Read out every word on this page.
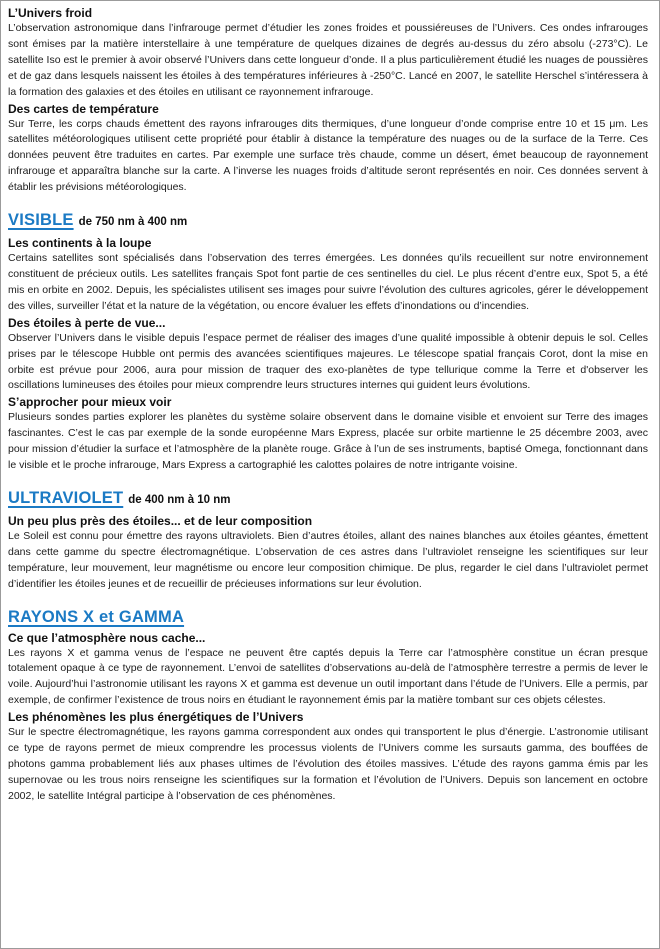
L’Univers froid

L’observation astronomique dans l’infrarouge permet d’étudier les zones froides et poussiéreuses de l’Univers. Ces ondes infrarouges sont émises par la matière interstellaire à une température de quelques dizaines de degrés au-dessus du zéro absolu (-273°C). Le satellite Iso est le premier à avoir observé l’Univers dans cette longueur d’onde. Il a plus particulièrement étudié les nuages de poussières et de gaz dans lesquels naissent les étoiles à des températures inférieures à -250°C. Lancé en 2007, le satellite Herschel s’intéressera à la formation des galaxies et des étoiles en utilisant ce rayonnement infrarouge.

Des cartes de température

Sur Terre, les corps chauds émettent des rayons infrarouges dits thermiques, d’une longueur d’onde comprise entre 10 et 15 μm. Les satellites météorologiques utilisent cette propriété pour établir à distance la température des nuages ou de la surface de la Terre. Ces données peuvent être traduites en cartes. Par exemple une surface très chaude, comme un désert, émet beaucoup de rayonnement infrarouge et apparaîtra blanche sur la carte. A l’inverse les nuages froids d’altitude seront représentés en noir. Ces données servent à établir les prévisions météorologiques.

VISIBLE de 750 nm à 400 nm
Les continents à la loupe

Certains satellites sont spécialisés dans l’observation des terres émergées. Les données qu’ils recueillent sur notre environnement constituent de précieux outils. Les satellites français Spot font partie de ces sentinelles du ciel. Le plus récent d’entre eux, Spot 5, a été mis en orbite en 2002. Depuis, les spécialistes utilisent ses images pour suivre l’évolution des cultures agricoles, gérer le développement des villes, surveiller l’état et la nature de la végétation, ou encore évaluer les effets d’inondations ou d’incendies.

Des étoiles à perte de vue...

Observer l’Univers dans le visible depuis l’espace permet de réaliser des images d’une qualité impossible à obtenir depuis le sol. Celles prises par le télescope Hubble ont permis des avancées scientifiques majeures. Le télescope spatial français Corot, dont la mise en orbite est prévue pour 2006, aura pour mission de traquer des exo-planètes de type tellurique comme la Terre et d'observer les oscillations lumineuses des étoiles pour mieux comprendre leurs structures internes qui guident leurs évolutions.

S’approcher pour mieux voir

Plusieurs sondes parties explorer les planètes du système solaire observent dans le domaine visible et envoient sur Terre des images fascinantes. C’est le cas par exemple de la sonde européenne Mars Express, placée sur orbite martienne le 25 décembre 2003, avec pour mission d’étudier la surface et l’atmosphère de la planète rouge. Grâce à l’un de ses instruments, baptisé Omega, fonctionnant dans le visible et le proche infrarouge, Mars Express a cartographié les calottes polaires de notre intrigante voisine.

ULTRAVIOLET de 400 nm à 10 nm
Un peu plus près des étoiles... et de leur composition

Le Soleil est connu pour émettre des rayons ultraviolets. Bien d’autres étoiles, allant des naines blanches aux étoiles géantes, émettent dans cette gamme du spectre électromagnétique. L’observation de ces astres dans l’ultraviolet renseigne les scientifiques sur leur température, leur mouvement, leur magnétisme ou encore leur composition chimique. De plus, regarder le ciel dans l’ultraviolet permet d’identifier les étoiles jeunes et de recueillir de précieuses informations sur leur évolution.

RAYONS X et GAMMA
Ce que l’atmosphère nous cache...

Les rayons X et gamma venus de l’espace ne peuvent être captés depuis la Terre car l’atmosphère constitue un écran presque totalement opaque à ce type de rayonnement. L’envoi de satellites d’observations au-delà de l’atmosphère terrestre a permis de lever le voile. Aujourd’hui l’astronomie utilisant les rayons X et gamma est devenue un outil important dans l’étude de l’Univers. Elle a permis, par exemple, de confirmer l’existence de trous noirs en étudiant le rayonnement émis par la matière tombant sur ces objets célestes.

Les phénomènes les plus énergétiques de l’Univers

Sur le spectre électromagnétique, les rayons gamma correspondent aux ondes qui transportent le plus d’énergie. L’astronomie utilisant ce type de rayons permet de mieux comprendre les processus violents de l’Univers comme les sursauts gamma, des bouffées de photons gamma probablement liés aux phases ultimes de l’évolution des étoiles massives. L’étude des rayons gamma émis par les supernovae ou les trous noirs renseigne les scientifiques sur la formation et l’évolution de l’Univers. Depuis son lancement en octobre 2002, le satellite Intégral participe à l’observation de ces phénomènes.
